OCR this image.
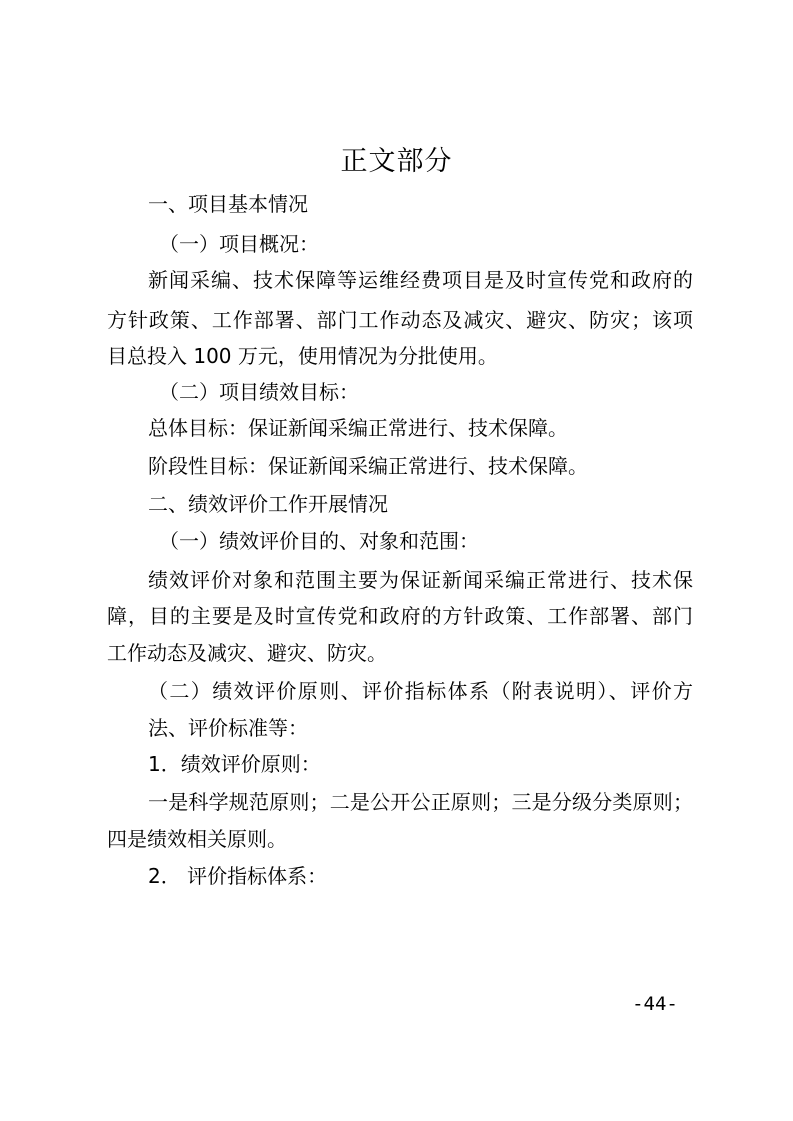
正文部分
一、项目基本情况
（一）项目概况：
新闻采编、技术保障等运维经费项目是及时宣传党和政府的
方针政策、工作部署、部门工作动态及减灾、避灾、防灾；该项
目总投入 100 万元，使用情况为分批使用。
（二）项目绩效目标：
总体目标：保证新闻采编正常进行、技术保障。
阶段性目标：保证新闻采编正常进行、技术保障。
二、绩效评价工作开展情况
（一）绩效评价目的、对象和范围：
绩效评价对象和范围主要为保证新闻采编正常进行、技术保
障，目的主要是及时宣传党和政府的方针政策、工作部署、部门
工作动态及减灾、避灾、防灾。
（二）绩效评价原则、评价指标体系（附表说明）、评价方
法、评价标准等：
1．绩效评价原则：
一是科学规范原则；二是公开公正原则；三是分级分类原则；
四是绩效相关原则。
2． 评价指标体系：
-44-
